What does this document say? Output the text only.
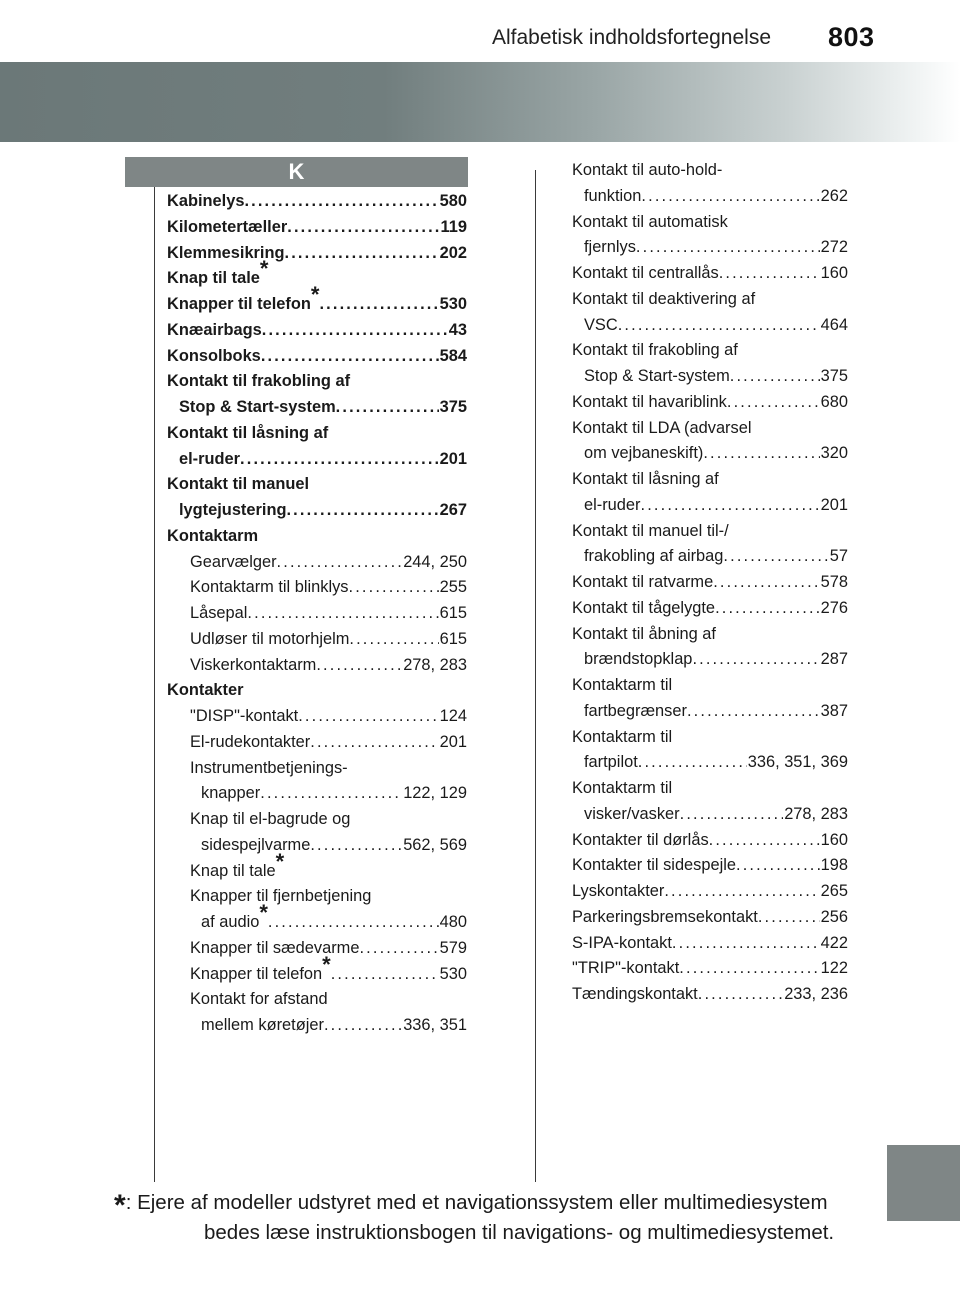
Alfabetisk indholdsfortegnelse 803
K
Kabinelys . . .	580
Kilometertæller . . .	119
Klemmesikring . . .	202
Knap til tale*
Knapper til telefon* . . .	530
Knæairbags . . .	43
Konsolboks . . .	584
Kontakt til frakobling af
Stop & Start-system . . .	375
Kontakt til låsning af
el-ruder . . .	201
Kontakt til manuel
lygtejustering . . .	267
Kontaktarm
Gearvælger . . .	244, 250
Kontaktarm til blinklys . . .	255
Låsepal . . .	615
Udløser til motorhjelm . . .	615
Viskerkontaktarm . . .	278, 283
Kontakter
"DISP"-kontakt . . .	124
El-rudekontakter . . .	201
Instrumentbetjenings-
knapper . . .	122, 129
Knap til el-bagrude og
sidespejlvarme . . .	562, 569
Knap til tale*
Knapper til fjernbetjening
af audio* . . .	480
Knapper til sædevarme . . .	579
Knapper til telefon* . . .	530
Kontakt for afstand
mellem køretøjer . . .	336, 351
Kontakt til auto-hold-
funktion . . .	262
Kontakt til automatisk
fjernlys . . .	272
Kontakt til centrallås . . .	160
Kontakt til deaktivering af
VSC . . .	464
Kontakt til frakobling af
Stop & Start-system . . .	375
Kontakt til havariblink . . .	680
Kontakt til LDA (advarsel
om vejbaneskift) . . .	320
Kontakt til låsning af
el-ruder . . .	201
Kontakt til manuel til-/
frakobling af airbag . . .	57
Kontakt til ratvarme . . .	578
Kontakt til tågelygte . . .	276
Kontakt til åbning af
brændstopklap . . .	287
Kontaktarm til
fartbegrænser . . .	387
Kontaktarm til
fartpilot . . .	336, 351, 369
Kontaktarm til
visker/vasker . . .	278, 283
Kontakter til dørlås . . .	160
Kontakter til sidespejle . . .	198
Lyskontakter . . .	265
Parkeringsbremsekontakt . . .	256
S-IPA-kontakt . . .	422
"TRIP"-kontakt . . .	122
Tændingskontakt . . .	233, 236
*: Ejere af modeller udstyret med et navigationssystem eller multimediesystem
bedes læse instruktionsbogen til navigations- og multimediesystemet.
